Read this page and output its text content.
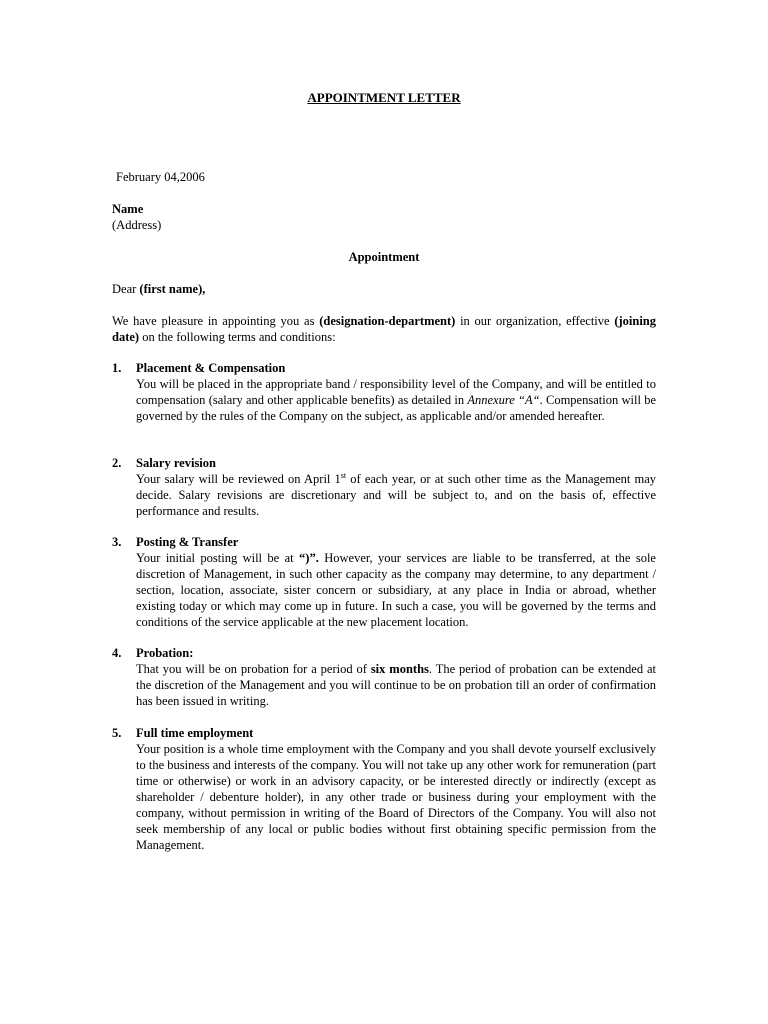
APPOINTMENT LETTER
February 04,2006
Name
(Address)
Appointment
Dear (first name),
We have pleasure in appointing you as (designation-department) in our organization, effective (joining date) on the following terms and conditions:
1. Placement & Compensation
You will be placed in the appropriate band / responsibility level of the Company, and will be entitled to compensation (salary and other applicable benefits) as detailed in Annexure “A“. Compensation will be governed by the rules of the Company on the subject, as applicable and/or amended hereafter.
2. Salary revision
Your salary will be reviewed on April 1st of each year, or at such other time as the Management may decide. Salary revisions are discretionary and will be subject to, and on the basis of, effective performance and results.
3. Posting & Transfer
Your initial posting will be at “)”. However, your services are liable to be transferred, at the sole discretion of Management, in such other capacity as the company may determine, to any department / section, location, associate, sister concern or subsidiary, at any place in India or abroad, whether existing today or which may come up in future. In such a case, you will be governed by the terms and conditions of the service applicable at the new placement location.
4. Probation:
That you will be on probation for a period of six months. The period of probation can be extended at the discretion of the Management and you will continue to be on probation till an order of confirmation has been issued in writing.
5. Full time employment
Your position is a whole time employment with the Company and you shall devote yourself exclusively to the business and interests of the company. You will not take up any other work for remuneration (part time or otherwise) or work in an advisory capacity, or be interested directly or indirectly (except as shareholder / debenture holder), in any other trade or business during your employment with the company, without permission in writing of the Board of Directors of the Company. You will also not seek membership of any local or public bodies without first obtaining specific permission from the Management.
